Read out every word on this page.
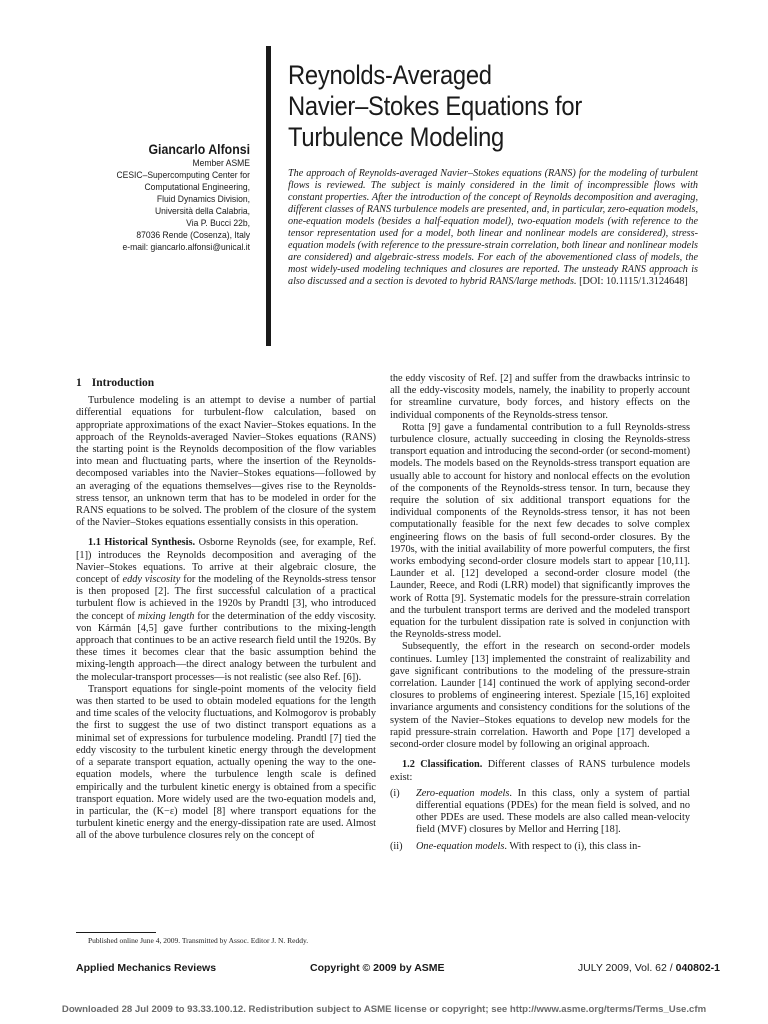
Reynolds-Averaged
Navier–Stokes Equations for
Turbulence Modeling
Giancarlo Alfonsi
Member ASME
CESIC–Supercomputing Center for
Computational Engineering,
Fluid Dynamics Division,
Università della Calabria,
Via P. Bucci 22b,
87036 Rende (Cosenza), Italy
e-mail: giancarlo.alfonsi@unical.it
The approach of Reynolds-averaged Navier–Stokes equations (RANS) for the modeling of turbulent flows is reviewed. The subject is mainly considered in the limit of incompressible flows with constant properties. After the introduction of the concept of Reynolds decomposition and averaging, different classes of RANS turbulence models are presented, and, in particular, zero-equation models, one-equation models (besides a half-equation model), two-equation models (with reference to the tensor representation used for a model, both linear and nonlinear models are considered), stress-equation models (with reference to the pressure-strain correlation, both linear and nonlinear models are considered) and algebraic-stress models. For each of the abovementioned class of models, the most widely-used modeling techniques and closures are reported. The unsteady RANS approach is also discussed and a section is devoted to hybrid RANS/large methods. [DOI: 10.1115/1.3124648]
1 Introduction

Turbulence modeling is an attempt to devise a number of partial differential equations for turbulent-flow calculation, based on appropriate approximations of the exact Navier–Stokes equations. In the approach of the Reynolds-averaged Navier–Stokes equations (RANS) the starting point is the Reynolds decomposition of the flow variables into mean and fluctuating parts, where the insertion of the Reynolds-decomposed variables into the Navier–Stokes equations—followed by an averaging of the equations themselves—gives rise to the Reynolds-stress tensor, an unknown term that has to be modeled in order for the RANS equations to be solved. The problem of the closure of the system of the Navier–Stokes equations essentially consists in this operation.

1.1 Historical Synthesis. Osborne Reynolds (see, for example, Ref. [1]) introduces the Reynolds decomposition and averaging of the Navier–Stokes equations. To arrive at their algebraic closure, the concept of eddy viscosity for the modeling of the Reynolds-stress tensor is then proposed [2]. The first successful calculation of a practical turbulent flow is achieved in the 1920s by Prandtl [3], who introduced the concept of mixing length for the determination of the eddy viscosity. von Kármán [4,5] gave further contributions to the mixing-length approach that continues to be an active research field until the 1920s. By these times it becomes clear that the basic assumption behind the mixing-length approach—the direct analogy between the turbulent and the molecular-transport processes—is not realistic (see also Ref. [6]).

Transport equations for single-point moments of the velocity field was then started to be used to obtain modeled equations for the length and time scales of the velocity fluctuations, and Kolmogorov is probably the first to suggest the use of two distinct transport equations as a minimal set of expressions for turbulence modeling. Prandtl [7] tied the eddy viscosity to the turbulent kinetic energy through the development of a separate transport equation, actually opening the way to the one-equation models, where the turbulence length scale is defined empirically and the turbulent kinetic energy is obtained from a specific transport equation. More widely used are the two-equation models and, in particular, the (K−ε) model [8] where transport equations for the turbulent kinetic energy and the energy-dissipation rate are used. Almost all of the above turbulence closures rely on the concept of

the eddy viscosity of Ref. [2] and suffer from the drawbacks intrinsic to all the eddy-viscosity models, namely, the inability to properly account for streamline curvature, body forces, and history effects on the individual components of the Reynolds-stress tensor.

Rotta [9] gave a fundamental contribution to a full Reynolds-stress turbulence closure, actually succeeding in closing the Reynolds-stress transport equation and introducing the second-order (or second-moment) models. The models based on the Reynolds-stress transport equation are usually able to account for history and nonlocal effects on the evolution of the components of the Reynolds-stress tensor. In turn, because they require the solution of six additional transport equations for the individual components of the Reynolds-stress tensor, it has not been computationally feasible for the next few decades to solve complex engineering flows on the basis of full second-order closures. By the 1970s, with the initial availability of more powerful computers, the first works embodying second-order closure models start to appear [10,11]. Launder et al. [12] developed a second-order closure model (the Launder, Reece, and Rodi (LRR) model) that significantly improves the work of Rotta [9]. Systematic models for the pressure-strain correlation and the turbulent transport terms are derived and the modeled transport equation for the turbulent dissipation rate is solved in conjunction with the Reynolds-stress model.

Subsequently, the effort in the research on second-order models continues. Lumley [13] implemented the constraint of realizability and gave significant contributions to the modeling of the pressure-strain correlation. Launder [14] continued the work of applying second-order closures to problems of engineering interest. Speziale [15,16] exploited invariance arguments and consistency conditions for the solutions of the system of the Navier–Stokes equations to develop new models for the rapid pressure-strain correlation. Haworth and Pope [17] developed a second-order closure model by following an original approach.

1.2 Classification. Different classes of RANS turbulence models exist:

(i)	Zero-equation models. In this class, only a system of partial differential equations (PDEs) for the mean field is solved, and no other PDEs are used. These models are also called mean-velocity field (MVF) closures by Mellor and Herring [18].
(ii)	One-equation models. With respect to (i), this class in-
Published online June 4, 2009. Transmitted by Assoc. Editor J. N. Reddy.
Applied Mechanics Reviews	Copyright © 2009 by ASME	JULY 2009, Vol. 62 / 040802-1
Downloaded 28 Jul 2009 to 93.33.100.12. Redistribution subject to ASME license or copyright; see http://www.asme.org/terms/Terms_Use.cfm
